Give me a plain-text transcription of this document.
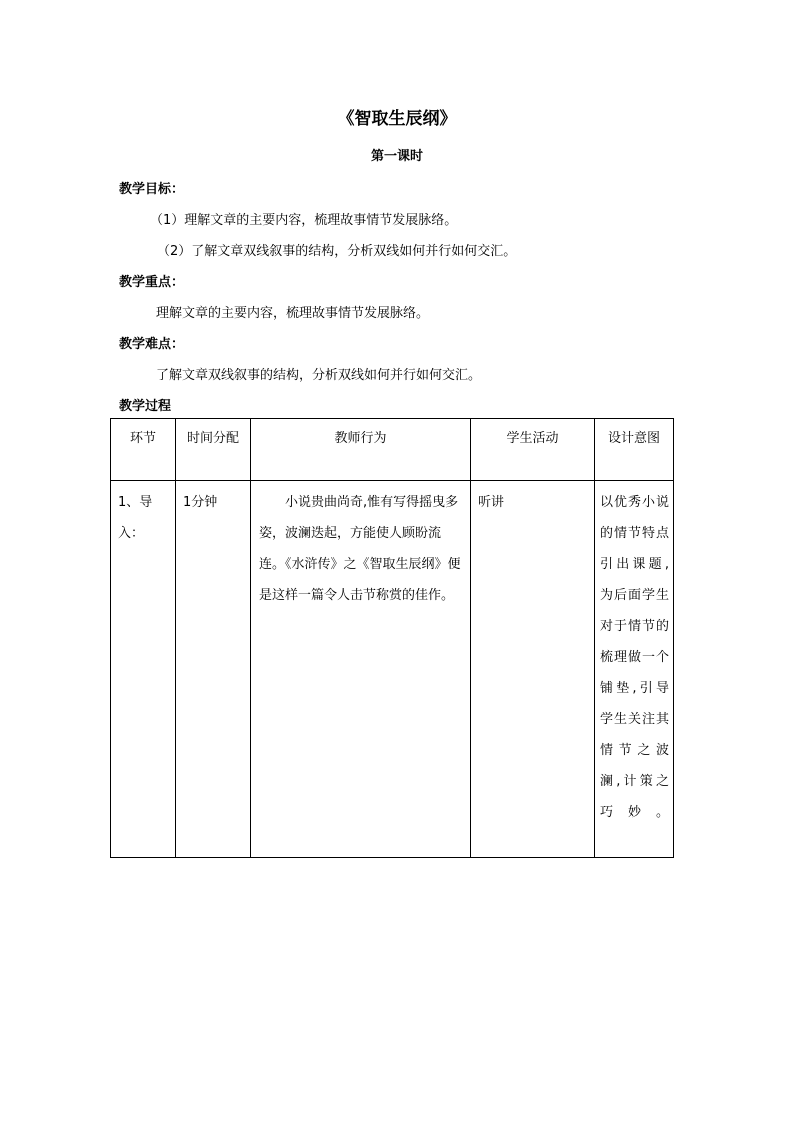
《智取生辰纲》
第一课时
教学目标：
（1）理解文章的主要内容，梳理故事情节发展脉络。
（2）了解文章双线叙事的结构，分析双线如何并行如何交汇。
教学重点：
理解文章的主要内容，梳理故事情节发展脉络。
教学难点：
了解文章双线叙事的结构，分析双线如何并行如何交汇。
教学过程
环节	时间分配	教师行为	学生活动	设计意图

1、导入：	1分钟	小说贵曲尚奇,惟有写得摇曳多姿，波澜迭起，方能使人顾盼流连。《水浒传》之《智取生辰纲》便是这样一篇令人击节称赏的佳作。	听讲	以优秀小说的情节特点引出课题,为后面学生对于情节的梳理做一个铺垫,引导学生关注其情节之波澜,计策之巧妙。
